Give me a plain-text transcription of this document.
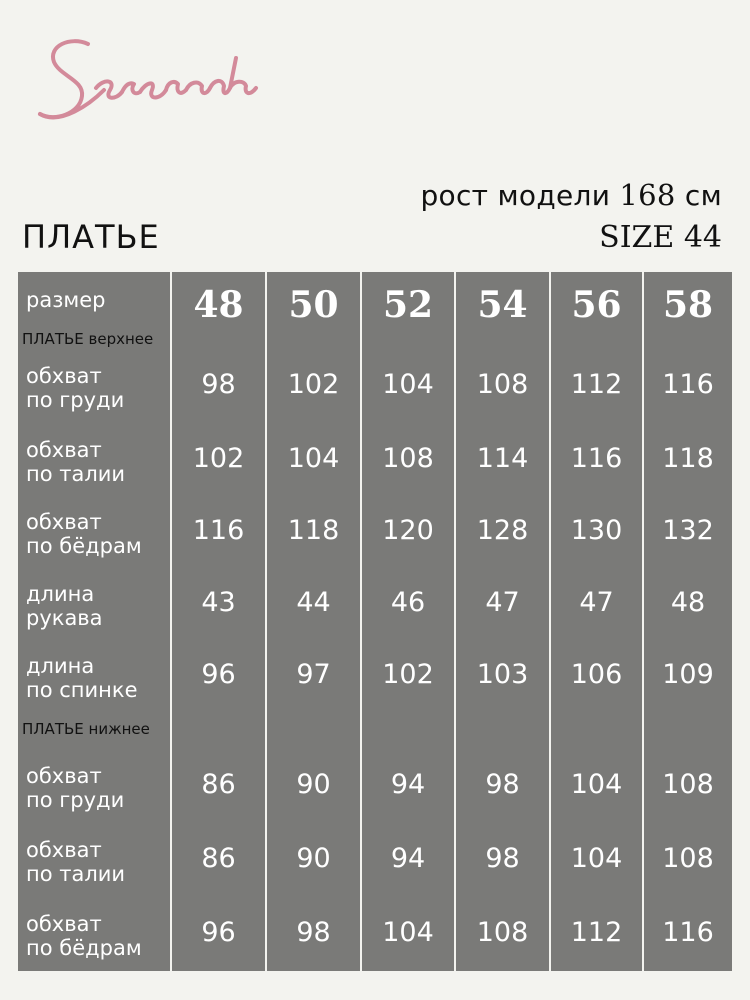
рост модели 168 см
ПЛАТЬЕ	SIZE 44
размер	48	50	52	54	56	58
ПЛАТЬЕ верхнее
обхват
по груди	98	102	104	108	112	116
обхват
по талии	102	104	108	114	116	118
обхват
по бёдрам	116	118	120	128	130	132
длина
рукава	43	44	46	47	47	48
длина
по спинке	96	97	102	103	106	109
ПЛАТЬЕ нижнее
обхват
по груди	86	90	94	98	104	108
обхват
по талии	86	90	94	98	104	108
обхват
по бёдрам	96	98	104	108	112	116
